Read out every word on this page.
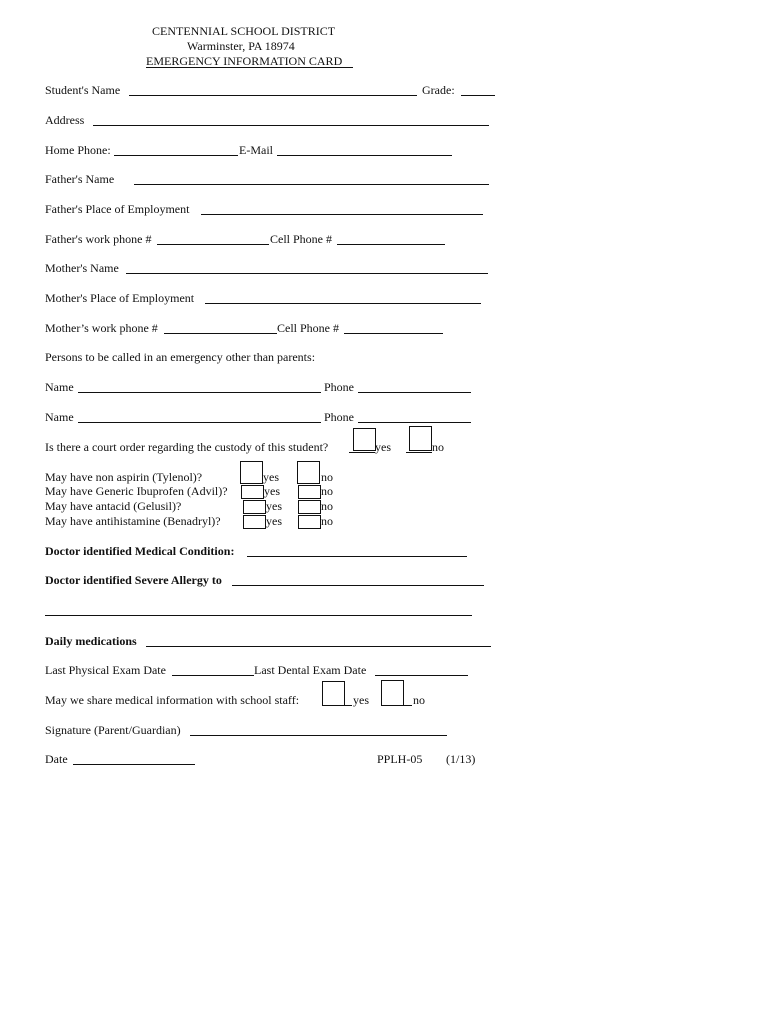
CENTENNIAL SCHOOL DISTRICT
Warminster, PA 18974
EMERGENCY INFORMATION CARD
Student's Name	Grade:
Address
Home Phone:	E-Mail
Father's Name
Father's Place of Employment
Father's work phone #	Cell Phone #
Mother's Name
Mother's Place of Employment
Mother’s work phone #	Cell Phone #
Persons to be called in an emergency other than parents:
Name	Phone
Name	Phone
Is there a court order regarding the custody of this student?	yes	no
May have non aspirin (Tylenol)?	yes	no
May have Generic Ibuprofen (Advil)?	yes	no
May have antacid (Gelusil)?	yes	no
May have antihistamine (Benadryl)?	yes	no
Doctor identified Medical Condition:
Doctor identified Severe Allergy to
Daily medications
Last Physical Exam Date	Last Dental Exam Date
May we share medical information with school staff:	yes	no
Signature (Parent/Guardian)
Date	PPLH-05 (1/13)
